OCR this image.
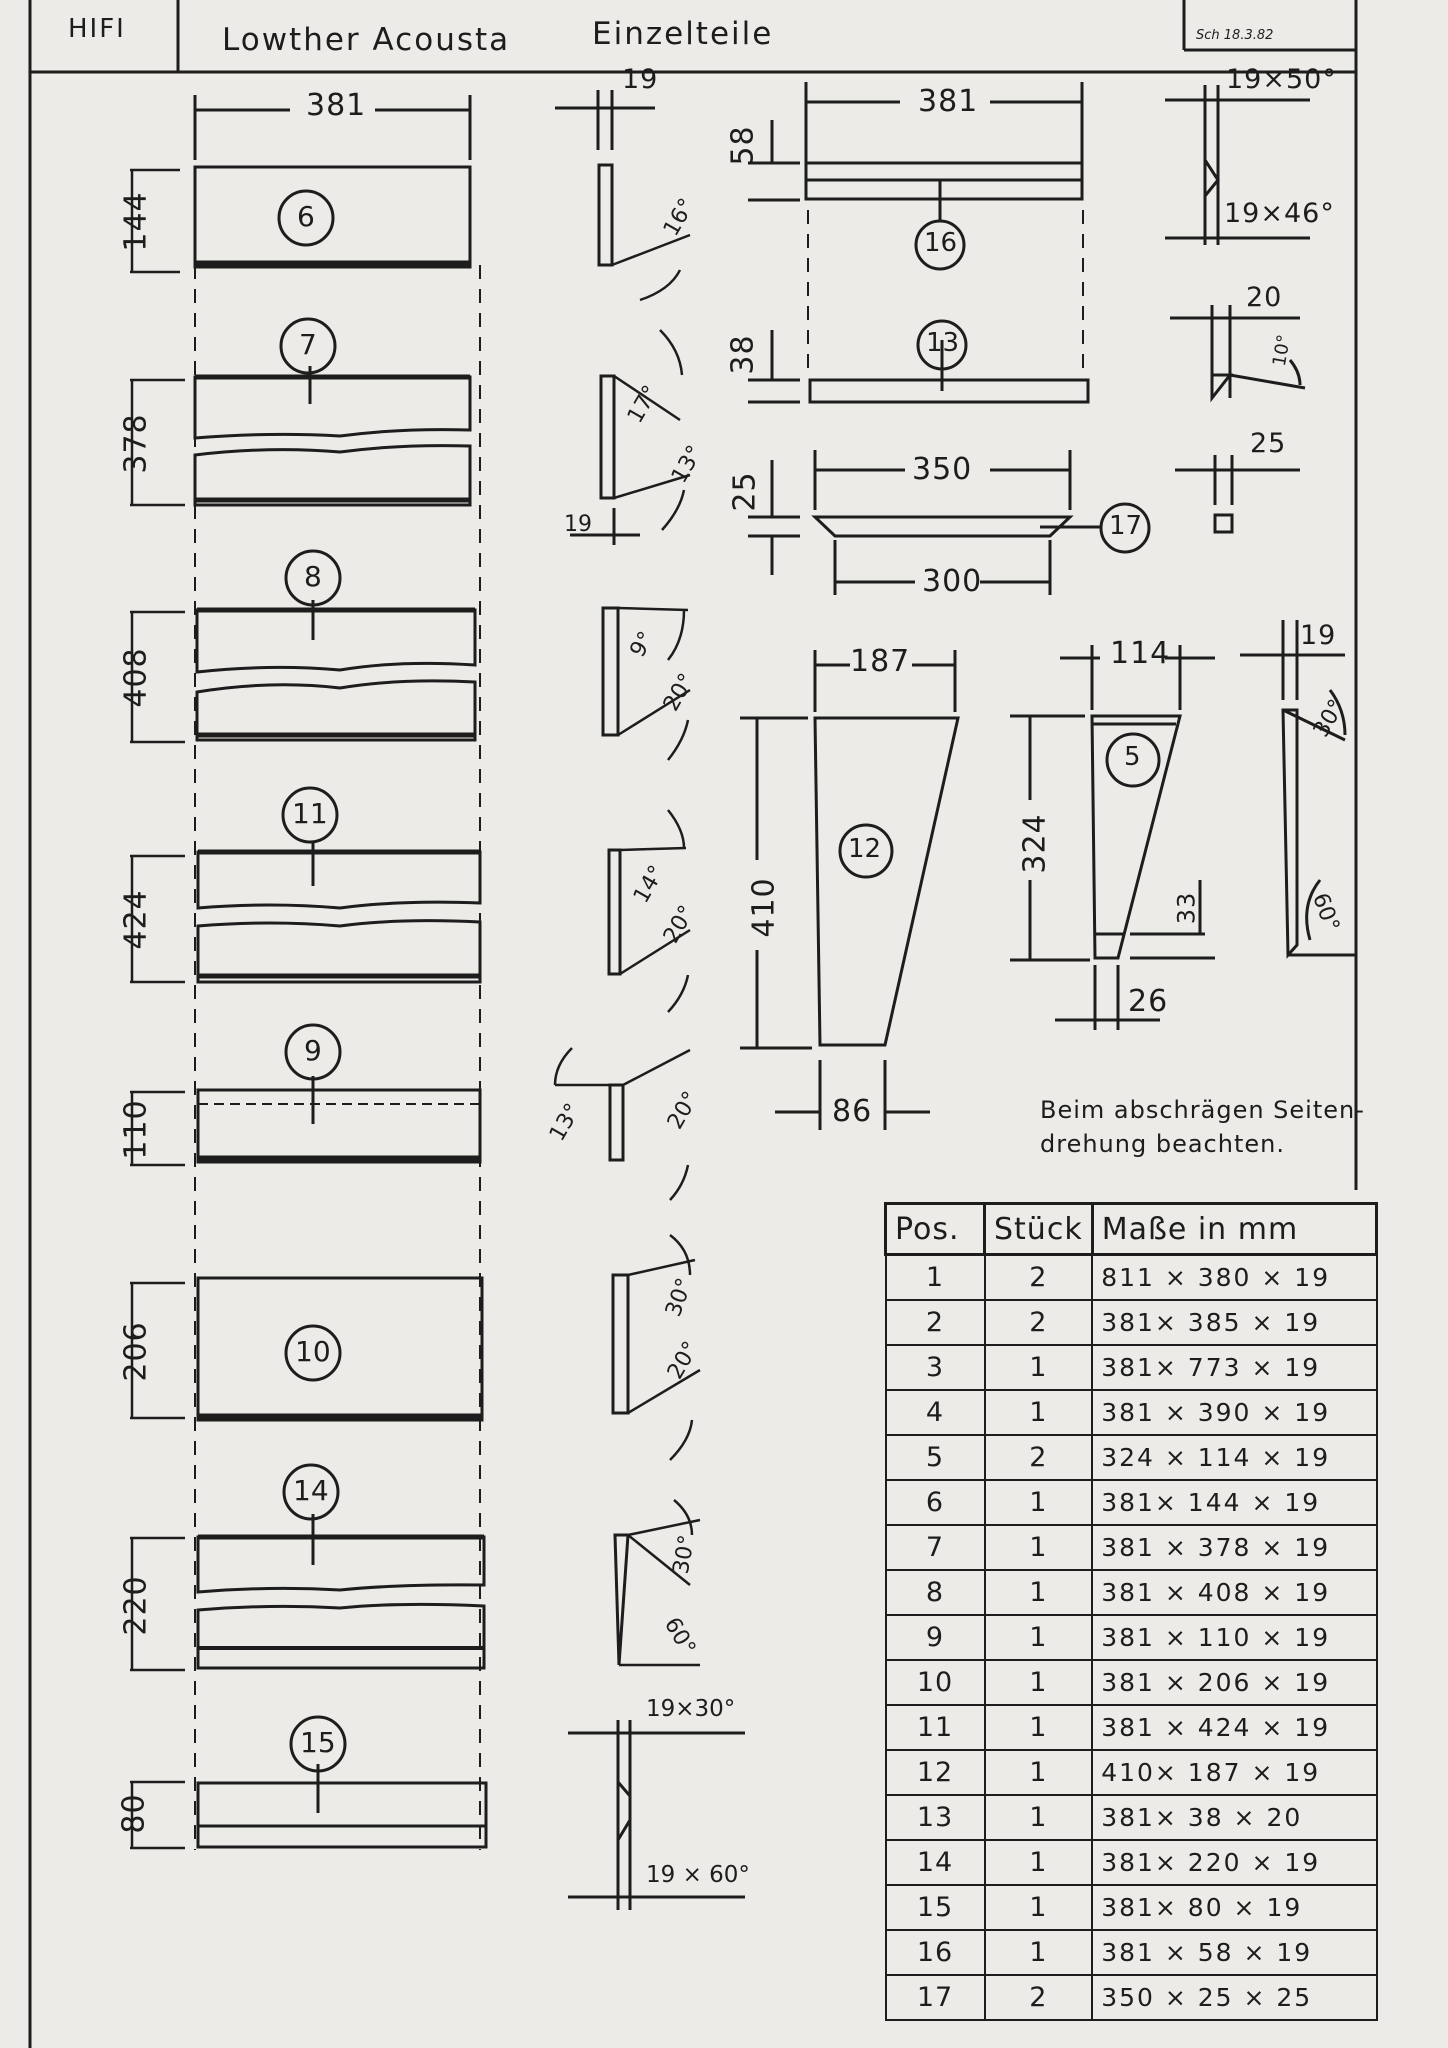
HIFI	Lowther Acousta	Einzelteile	Sch 18.3.82
381
144
378
408
424
110
206
220
80
6
7
8
11
9
10
14
15
19
19
19×30°
19 × 60°
16°
17°
13°
9°
20°
14°
20°
13°	20°
30°
20°
30°
60°
381
58
16
38	13
350
300
25
17
19×50°
19×46°
20
10°
25
19
30°
60°
187
410
86
12
114
324
33
26
5
Beim abschrägen Seiten-
drehung beachten.
Pos.	Stück	Maße in mm
1	2	811 × 380 × 19
2	2	381× 385 × 19
3	1	381× 773 × 19
4	1	381 × 390 × 19
5	2	324 × 114 × 19
6	1	381× 144 × 19
7	1	381 × 378 × 19
8	1	381 × 408 × 19
9	1	381 × 110 × 19
10	1	381 × 206 × 19
11	1	381 × 424 × 19
12	1	410× 187 × 19
13	1	381× 38 × 20
14	1	381× 220 × 19
15	1	381× 80 × 19
16	1	381 × 58 × 19
17	2	350 × 25 × 25
